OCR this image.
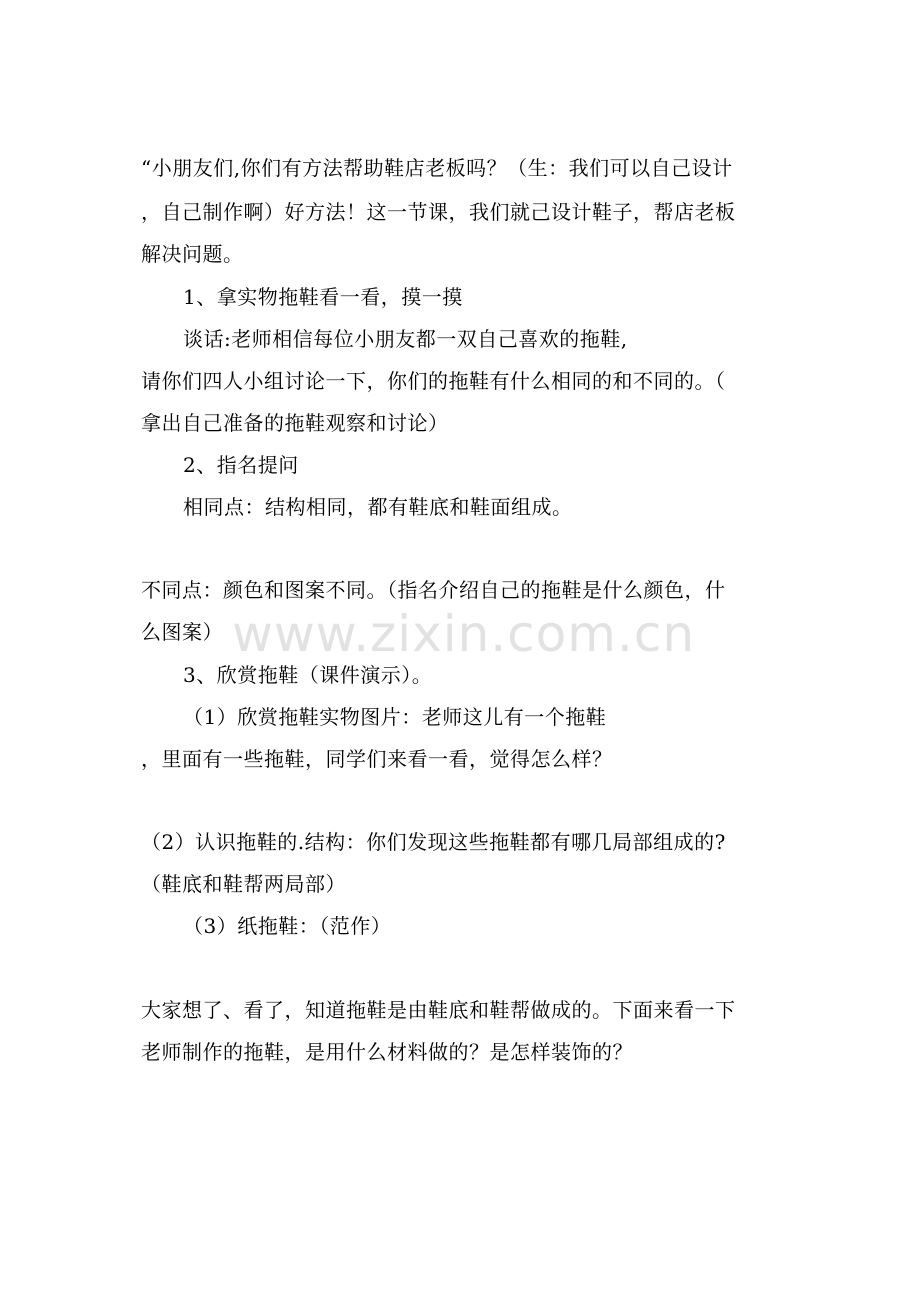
“小朋友们,你们有方法帮助鞋店老板吗？（生：我们可以自己设计
，自己制作啊）好方法！这一节课，我们就己设计鞋子，帮店老板
解决问题。
1、拿实物拖鞋看一看，摸一摸
谈话:老师相信每位小朋友都一双自己喜欢的拖鞋,
请你们四人小组讨论一下，你们的拖鞋有什么相同的和不同的。（
拿出自己准备的拖鞋观察和讨论）
2、指名提问
相同点：结构相同，都有鞋底和鞋面组成。
不同点：颜色和图案不同。（指名介绍自己的拖鞋是什么颜色，什
么图案）
3、欣赏拖鞋（课件演示）。
（1）欣赏拖鞋实物图片：老师这儿有一个拖鞋
，里面有一些拖鞋，同学们来看一看，觉得怎么样？
（2）认识拖鞋的.结构：你们发现这些拖鞋都有哪几局部组成的?
（鞋底和鞋帮两局部）
（3）纸拖鞋：（范作）
大家想了、看了，知道拖鞋是由鞋底和鞋帮做成的。下面来看一下
老师制作的拖鞋，是用什么材料做的？是怎样装饰的？
www.zixin.com.cn
